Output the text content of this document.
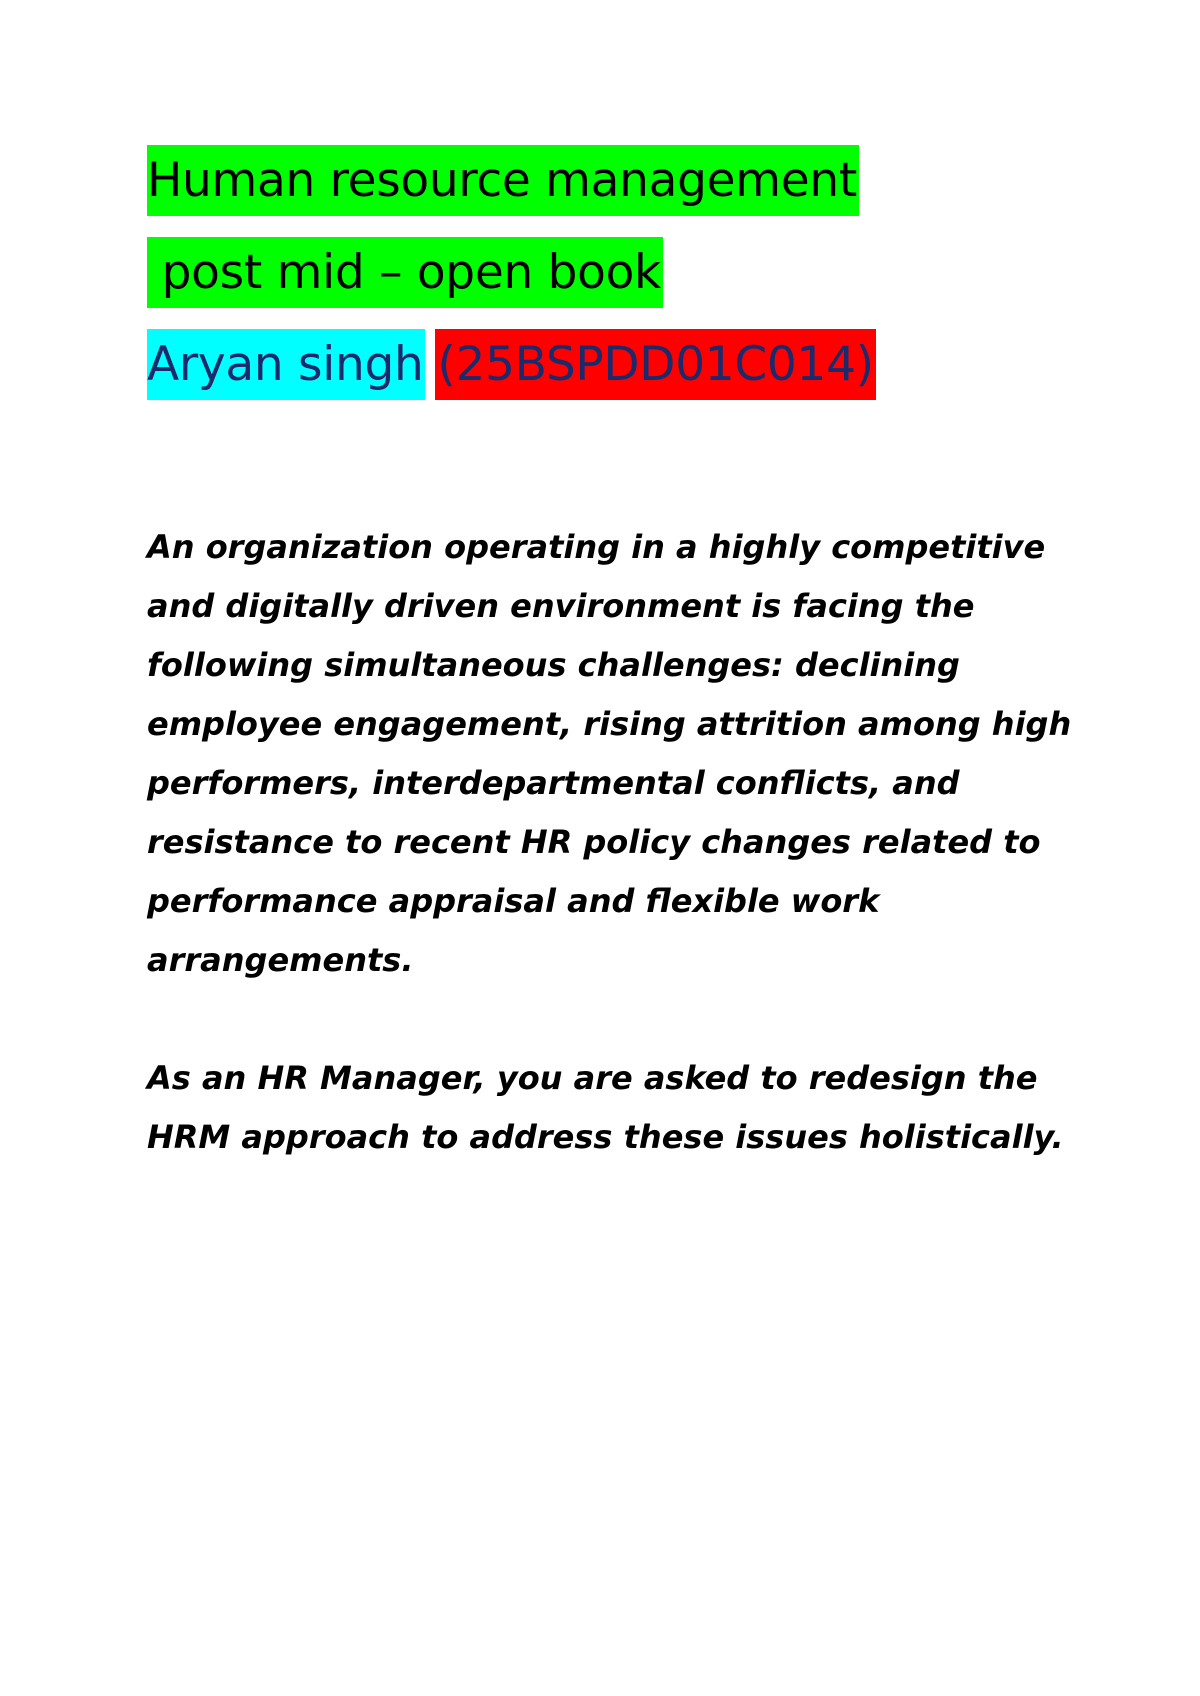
Human resource management
post mid – open book
Aryan singh (25BSPDD01C014)

An organization operating in a highly competitive and digitally driven environment is facing the following simultaneous challenges: declining employee engagement, rising attrition among high performers, interdepartmental conflicts, and resistance to recent HR policy changes related to performance appraisal and flexible work arrangements.

As an HR Manager, you are asked to redesign the HRM approach to address these issues holistically.
